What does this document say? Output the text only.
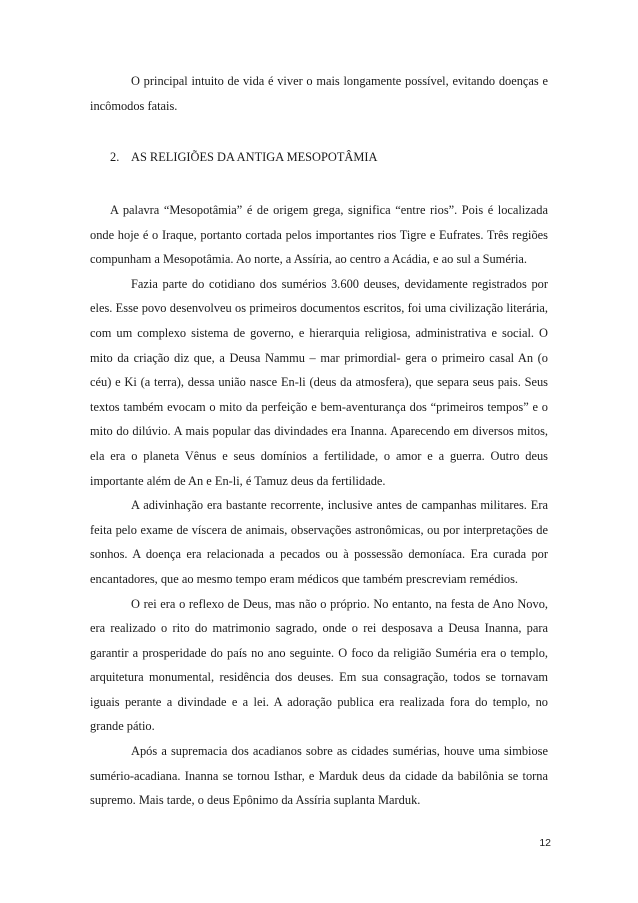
O principal intuito de vida é viver o mais longamente possível, evitando doenças e incômodos fatais.

2. AS RELIGIÕES DA ANTIGA MESOPOTÂMIA

A palavra “Mesopotâmia” é de origem grega, significa “entre rios”. Pois é localizada onde hoje é o Iraque, portanto cortada pelos importantes rios Tigre e Eufrates. Três regiões compunham a Mesopotâmia. Ao norte, a Assíria, ao centro a Acádia, e ao sul a Suméria.

Fazia parte do cotidiano dos sumérios 3.600 deuses, devidamente registrados por eles. Esse povo desenvolveu os primeiros documentos escritos, foi uma civilização literária, com um complexo sistema de governo, e hierarquia religiosa, administrativa e social. O mito da criação diz que, a Deusa Nammu – mar primordial- gera o primeiro casal An (o céu) e Ki (a terra), dessa união nasce En-li (deus da atmosfera), que separa seus pais. Seus textos também evocam o mito da perfeição e bem-aventurança dos “primeiros tempos” e o mito do dilúvio. A mais popular das divindades era Inanna. Aparecendo em diversos mitos, ela era o planeta Vênus e seus domínios a fertilidade, o amor e a guerra. Outro deus importante além de An e En-li, é Tamuz deus da fertilidade.

A adivinhação era bastante recorrente, inclusive antes de campanhas militares. Era feita pelo exame de víscera de animais, observações astronômicas, ou por interpretações de sonhos. A doença era relacionada a pecados ou à possessão demoníaca. Era curada por encantadores, que ao mesmo tempo eram médicos que também prescreviam remédios.

O rei era o reflexo de Deus, mas não o próprio. No entanto, na festa de Ano Novo, era realizado o rito do matrimonio sagrado, onde o rei desposava a Deusa Inanna, para garantir a prosperidade do país no ano seguinte. O foco da religião Suméria era o templo, arquitetura monumental, residência dos deuses. Em sua consagração, todos se tornavam iguais perante a divindade e a lei. A adoração publica era realizada fora do templo, no grande pátio.

Após a supremacia dos acadianos sobre as cidades sumérias, houve uma simbiose sumério-acadiana. Inanna se tornou Isthar, e Marduk deus da cidade da babilônia se torna supremo. Mais tarde, o deus Epônimo da Assíria suplanta Marduk.

12
